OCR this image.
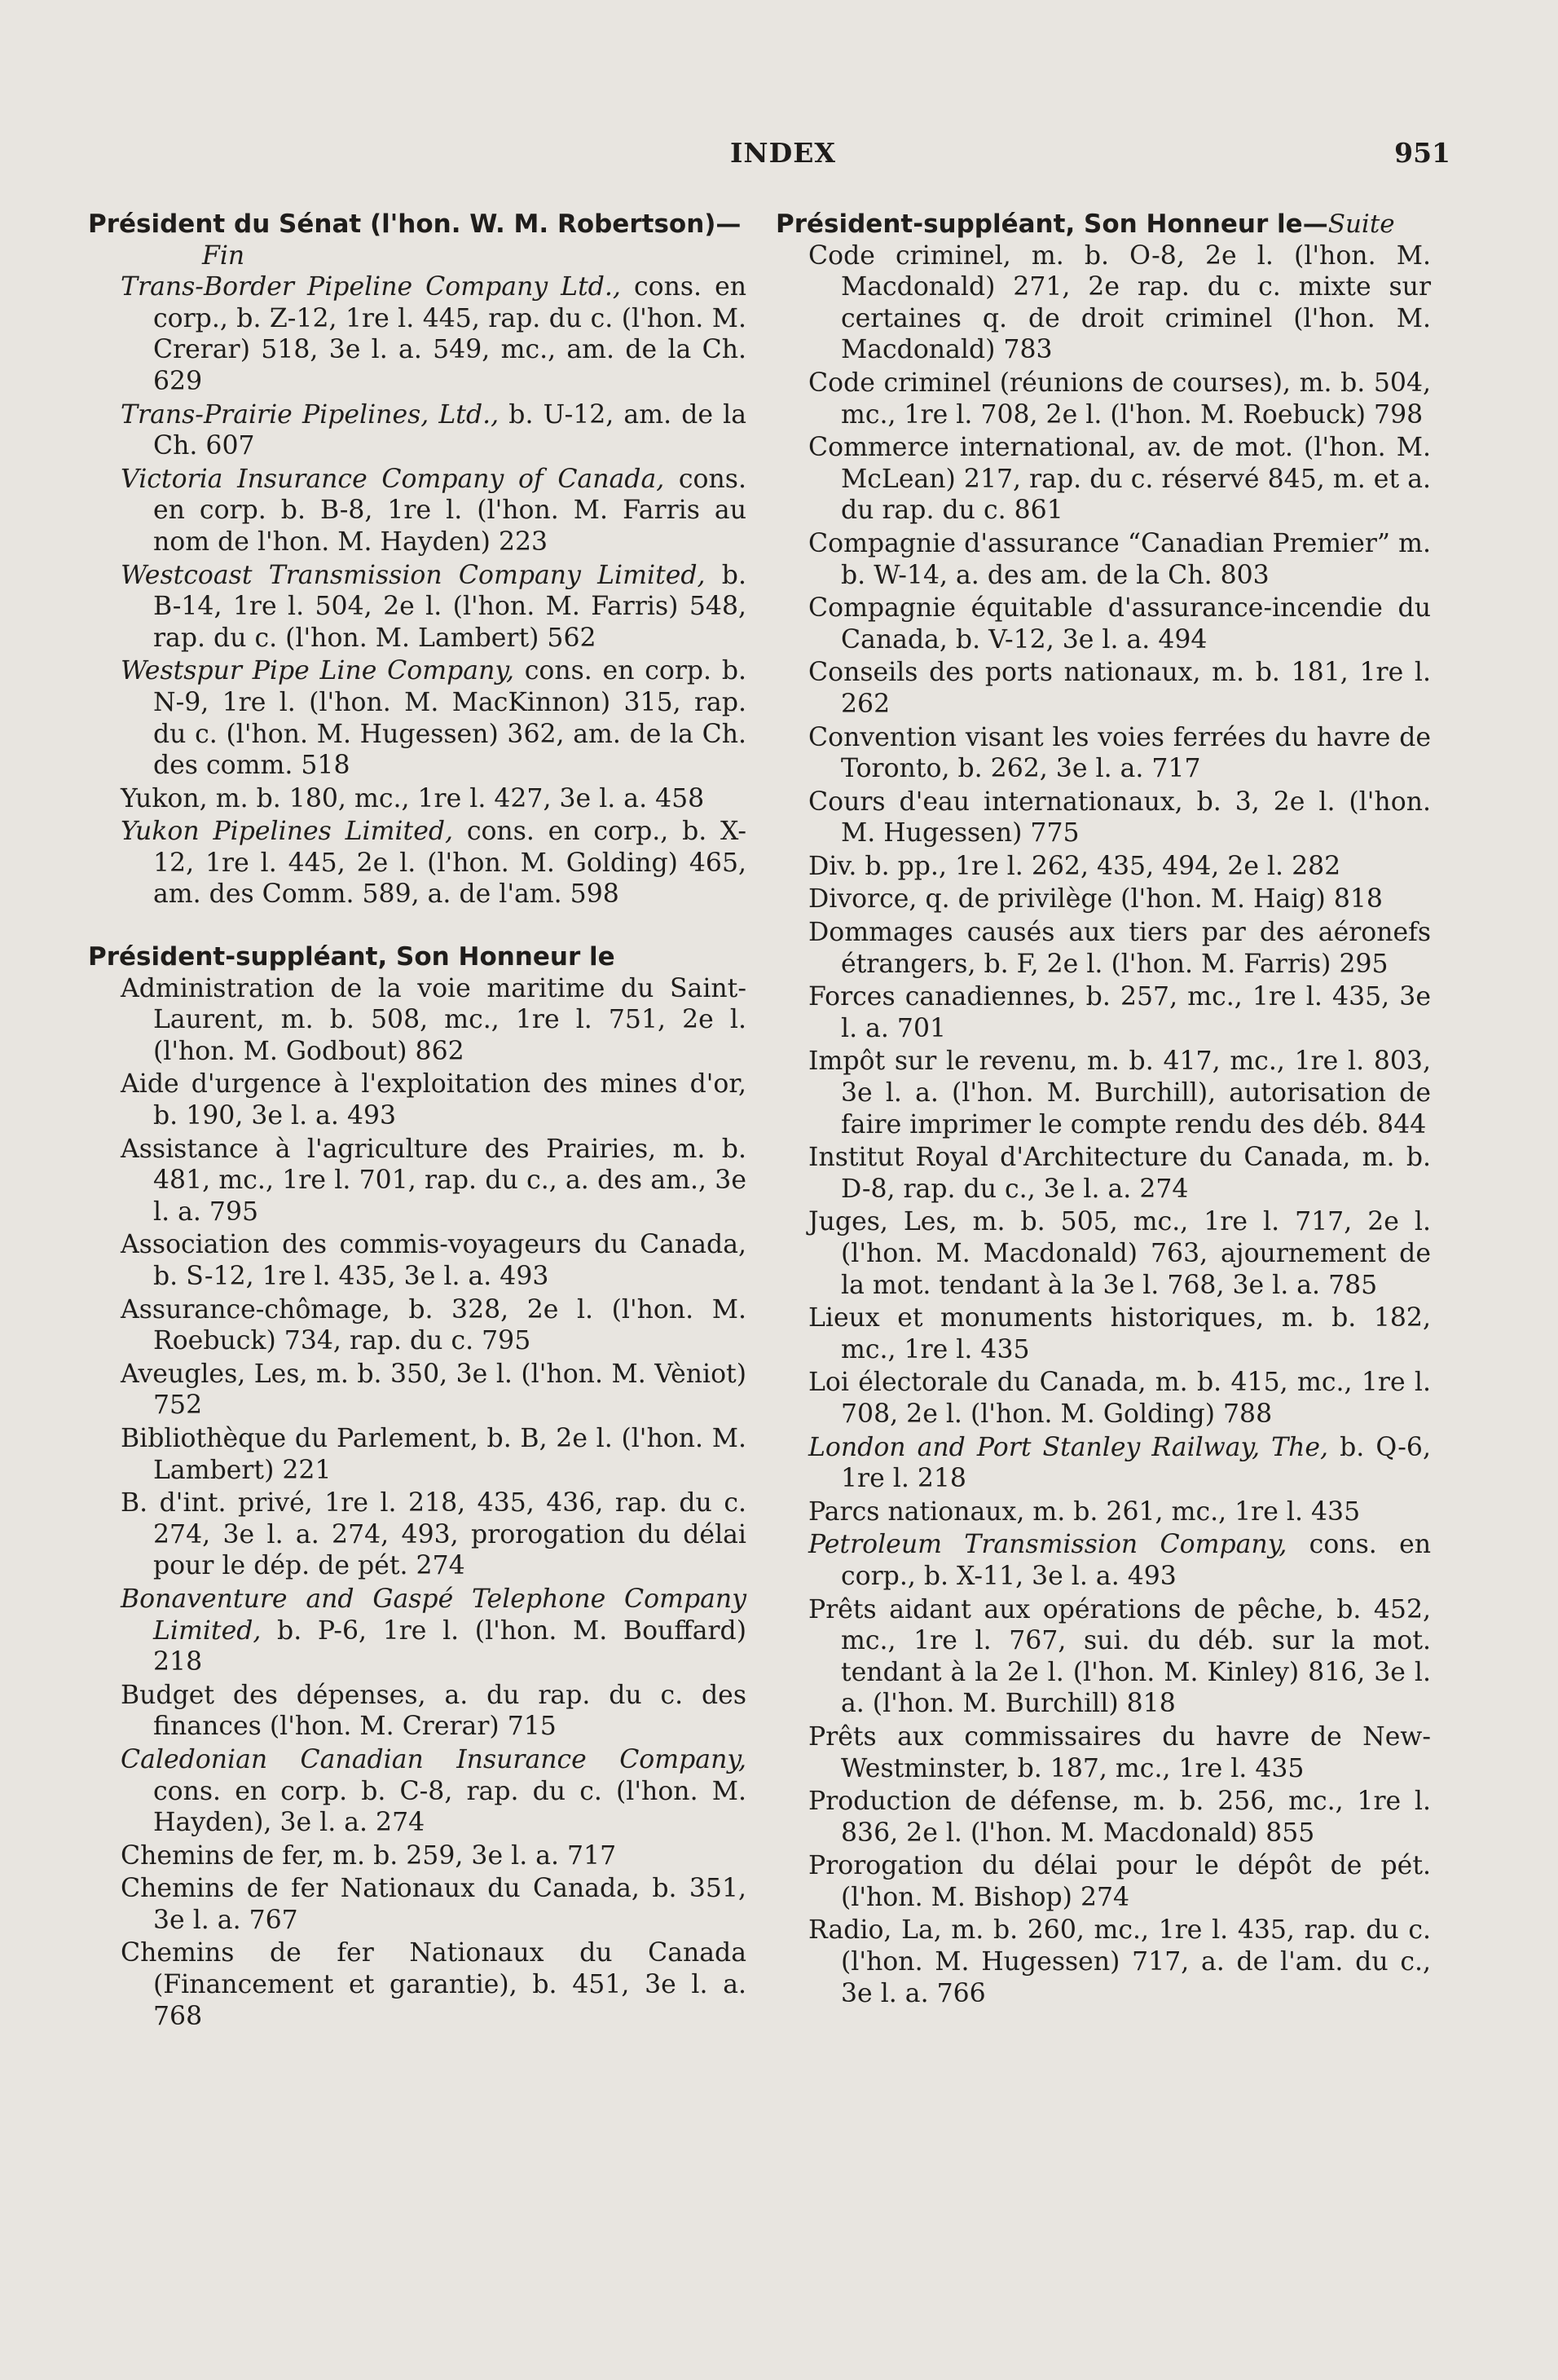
INDEX	951
Président du Sénat (l'hon. W. M. Robertson)—
Fin

Trans-Border Pipeline Company Ltd., cons. en corp., b. Z-12, 1re l. 445, rap. du c. (l'hon. M. Crerar) 518, 3e l. a. 549, mc., am. de la Ch. 629

Trans-Prairie Pipelines, Ltd., b. U-12, am. de la Ch. 607

Victoria Insurance Company of Canada, cons. en corp. b. B-8, 1re l. (l'hon. M. Farris au nom de l'hon. M. Hayden) 223

Westcoast Transmission Company Limited, b. B-14, 1re l. 504, 2e l. (l'hon. M. Farris) 548, rap. du c. (l'hon. M. Lambert) 562

Westspur Pipe Line Company, cons. en corp. b. N-9, 1re l. (l'hon. M. MacKinnon) 315, rap. du c. (l'hon. M. Hugessen) 362, am. de la Ch. des comm. 518

Yukon, m. b. 180, mc., 1re l. 427, 3e l. a. 458

Yukon Pipelines Limited, cons. en corp., b. X-12, 1re l. 445, 2e l. (l'hon. M. Golding) 465, am. des Comm. 589, a. de l'am. 598

Président-suppléant, Son Honneur le

Administration de la voie maritime du Saint-Laurent, m. b. 508, mc., 1re l. 751, 2e l. (l'hon. M. Godbout) 862

Aide d'urgence à l'exploitation des mines d'or, b. 190, 3e l. a. 493

Assistance à l'agriculture des Prairies, m. b. 481, mc., 1re l. 701, rap. du c., a. des am., 3e l. a. 795

Association des commis-voyageurs du Canada, b. S-12, 1re l. 435, 3e l. a. 493

Assurance-chômage, b. 328, 2e l. (l'hon. M. Roebuck) 734, rap. du c. 795

Aveugles, Les, m. b. 350, 3e l. (l'hon. M. Vèniot) 752

Bibliothèque du Parlement, b. B, 2e l. (l'hon. M. Lambert) 221

B. d'int. privé, 1re l. 218, 435, 436, rap. du c. 274, 3e l. a. 274, 493, prorogation du délai pour le dép. de pét. 274

Bonaventure and Gaspé Telephone Company Limited, b. P-6, 1re l. (l'hon. M. Bouffard) 218

Budget des dépenses, a. du rap. du c. des finances (l'hon. M. Crerar) 715

Caledonian Canadian Insurance Company, cons. en corp. b. C-8, rap. du c. (l'hon. M. Hayden), 3e l. a. 274

Chemins de fer, m. b. 259, 3e l. a. 717

Chemins de fer Nationaux du Canada, b. 351, 3e l. a. 767

Chemins de fer Nationaux du Canada (Financement et garantie), b. 451, 3e l. a. 768

Président-suppléant, Son Honneur le—Suite

Code criminel, m. b. O-8, 2e l. (l'hon. M. Macdonald) 271, 2e rap. du c. mixte sur certaines q. de droit criminel (l'hon. M. Macdonald) 783

Code criminel (réunions de courses), m. b. 504, mc., 1re l. 708, 2e l. (l'hon. M. Roebuck) 798

Commerce international, av. de mot. (l'hon. M. McLean) 217, rap. du c. réservé 845, m. et a. du rap. du c. 861

Compagnie d'assurance “Canadian Premier” m. b. W-14, a. des am. de la Ch. 803

Compagnie équitable d'assurance-incendie du Canada, b. V-12, 3e l. a. 494

Conseils des ports nationaux, m. b. 181, 1re l. 262

Convention visant les voies ferrées du havre de Toronto, b. 262, 3e l. a. 717

Cours d'eau internationaux, b. 3, 2e l. (l'hon. M. Hugessen) 775

Div. b. pp., 1re l. 262, 435, 494, 2e l. 282

Divorce, q. de privilège (l'hon. M. Haig) 818

Dommages causés aux tiers par des aéronefs étrangers, b. F, 2e l. (l'hon. M. Farris) 295

Forces canadiennes, b. 257, mc., 1re l. 435, 3e l. a. 701

Impôt sur le revenu, m. b. 417, mc., 1re l. 803, 3e l. a. (l'hon. M. Burchill), autorisation de faire imprimer le compte rendu des déb. 844

Institut Royal d'Architecture du Canada, m. b. D-8, rap. du c., 3e l. a. 274

Juges, Les, m. b. 505, mc., 1re l. 717, 2e l. (l'hon. M. Macdonald) 763, ajournement de la mot. tendant à la 3e l. 768, 3e l. a. 785

Lieux et monuments historiques, m. b. 182, mc., 1re l. 435

Loi électorale du Canada, m. b. 415, mc., 1re l. 708, 2e l. (l'hon. M. Golding) 788

London and Port Stanley Railway, The, b. Q-6, 1re l. 218

Parcs nationaux, m. b. 261, mc., 1re l. 435

Petroleum Transmission Company, cons. en corp., b. X-11, 3e l. a. 493

Prêts aidant aux opérations de pêche, b. 452, mc., 1re l. 767, sui. du déb. sur la mot. tendant à la 2e l. (l'hon. M. Kinley) 816, 3e l. a. (l'hon. M. Burchill) 818

Prêts aux commissaires du havre de New-Westminster, b. 187, mc., 1re l. 435

Production de défense, m. b. 256, mc., 1re l. 836, 2e l. (l'hon. M. Macdonald) 855

Prorogation du délai pour le dépôt de pét. (l'hon. M. Bishop) 274

Radio, La, m. b. 260, mc., 1re l. 435, rap. du c. (l'hon. M. Hugessen) 717, a. de l'am. du c., 3e l. a. 766
